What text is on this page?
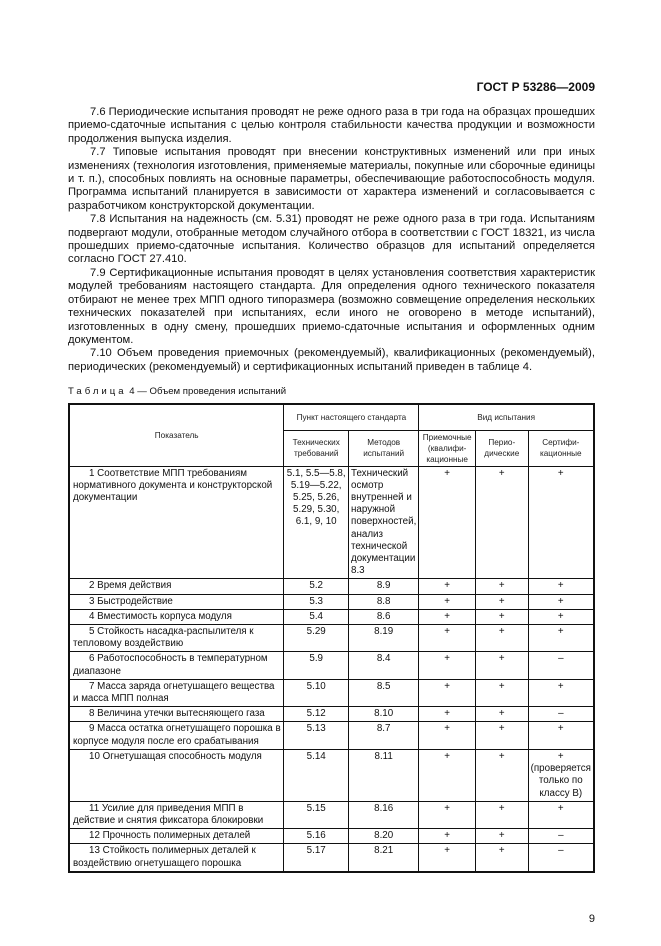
ГОСТ Р 53286—2009

7.6 Периодические испытания проводят не реже одного раза в три года на образцах прошедших приемо-сдаточные испытания с целью контроля стабильности качества продукции и возможности продолжения выпуска изделия.

7.7 Типовые испытания проводят при внесении конструктивных изменений или при иных изменениях (технология изготовления, применяемые материалы, покупные или сборочные единицы и т. п.), способных повлиять на основные параметры, обеспечивающие работоспособность модуля. Программа испытаний планируется в зависимости от характера изменений и согласовывается с разработчиком конструкторской документации.

7.8 Испытания на надежность (см. 5.31) проводят не реже одного раза в три года. Испытаниям подвергают модули, отобранные методом случайного отбора в соответствии с ГОСТ 18321, из числа прошедших приемо-сдаточные испытания. Количество образцов для испытаний определяется согласно ГОСТ 27.410.

7.9 Сертификационные испытания проводят в целях установления соответствия характеристик модулей требованиям настоящего стандарта. Для определения одного технического показателя отбирают не менее трех МПП одного типоразмера (возможно совмещение определения нескольких технических показателей при испытаниях, если иного не оговорено в методе испытаний), изготовленных в одну смену, прошедших приемо-сдаточные испытания и оформленных одним документом.

7.10 Объем проведения приемочных (рекомендуемый), квалификационных (рекомендуемый), периодических (рекомендуемый) и сертификационных испытаний приведен в таблице 4.

Таблица 4 — Объем проведения испытаний
Показатель	Пункт настоящего стандарта		Вид испытания		
	Технических требований	Методов испытаний	Приемочные (квалифи-кационные	Перио-дические	Сертифи-кационные
1 Соответствие МПП требованиям нормативного документа и конструкторской документации	5.1, 5.5—5.8, 5.19—5.22, 5.25, 5.26, 5.29, 5.30, 6.1, 9, 10	Технический осмотр внутренней и наружной поверхностей, анализ технической документации 8.3	+	+	+
2 Время действия	5.2	8.9	+	+	+
3 Быстродействие	5.3	8.8	+	+	+
4 Вместимость корпуса модуля	5.4	8.6	+	+	+
5 Стойкость насадка-распылителя к тепловому воздействию	5.29	8.19	+	+	+
6 Работоспособность в температурном диапазоне	5.9	8.4	+	+	–
7 Масса заряда огнетушащего вещества и масса МПП полная	5.10	8.5	+	+	+
8 Величина утечки вытесняющего газа	5.12	8.10	+	+	–
9 Масса остатка огнетушащего порошка в корпусе модуля после его срабатывания	5.13	8.7	+	+	+
10 Огнетушащая способность модуля	5.14	8.11	+	+	+ (проверяется только по классу В)
11 Усилие для приведения МПП в действие и снятия фиксатора блокировки	5.15	8.16	+	+	+
12 Прочность полимерных деталей	5.16	8.20	+	+	–
13 Стойкость полимерных деталей к воздействию огнетушащего порошка	5.17	8.21	+	+	–
9
